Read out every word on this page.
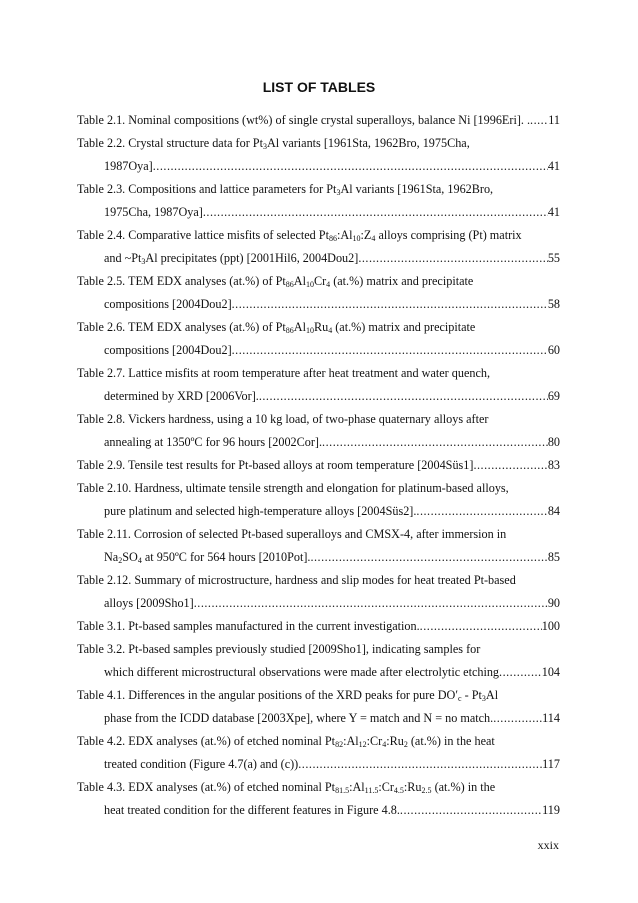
LIST OF TABLES
Table 2.1. Nominal compositions (wt%) of single crystal superalloys, balance Ni [1996Eri]. . ..... 11
Table 2.2. Crystal structure data for $Pt_3Al$ variants [1961Sta, 1962Bro, 1975Cha,
1987Oya] .....	41
Table 2.3. Compositions and lattice parameters for $Pt_3Al$ variants [1961Sta, 1962Bro,
1975Cha, 1987Oya] .....	41
Table 2.4. Comparative lattice misfits of selected $Pt_{86}:Al_{10}:Z_4$ alloys comprising (Pt) matrix
and $\sim Pt_3Al$ precipitates (ppt) [2001Hil6, 2004Dou2] .....	55
Table 2.5. TEM EDX analyses (at.%) of $Pt_{86}Al_{10}Cr_4$ (at.%) matrix and precipitate
compositions [2004Dou2] .....	58
Table 2.6. TEM EDX analyses (at.%) of $Pt_{86}Al_{10}Ru_4$ (at.%) matrix and precipitate
compositions [2004Dou2] .....	60
Table 2.7. Lattice misfits at room temperature after heat treatment and water quench,
determined by XRD [2006Vor]. .....	69
Table 2.8. Vickers hardness, using a 10 kg load, of two-phase quaternary alloys after
annealing at 1350ºC for 96 hours [2002Cor]. .....	80
Table 2.9. Tensile test results for Pt-based alloys at room temperature [2004Süs1] .....	83
Table 2.10. Hardness, ultimate tensile strength and elongation for platinum-based alloys,
pure platinum and selected high-temperature alloys [2004Süs2]. .....	84
Table 2.11. Corrosion of selected Pt-based superalloys and CMSX-4, after immersion in
$Na_2SO_4$ at 950ºC for 564 hours [2010Pot]. .....	85
Table 2.12. Summary of microstructure, hardness and slip modes for heat treated Pt-based
alloys [2009Sho1] .....	90
Table 3.1. Pt-based samples manufactured in the current investigation. .....	100
Table 3.2. Pt-based samples previously studied [2009Sho1], indicating samples for
which different microstructural observations were made after electrolytic etching .....	104
Table 4.1. Differences in the angular positions of the XRD peaks for pure $DO'_c - Pt_3Al$
phase from the ICDD database [2003Xpe], where Y = match and N = no match. .....	114
Table 4.2. EDX analyses (at.%) of etched nominal $Pt_{82}:Al_{12}:Cr_4:Ru_2$ (at.%) in the heat
treated condition (Figure 4.7(a) and (c)) .....	117
Table 4.3. EDX analyses (at.%) of etched nominal $Pt_{81.5}:Al_{11.5}:Cr_{4.5}:Ru_{2.5}$ (at.%) in the
heat treated condition for the different features in Figure 4.8. .....	119
xxix
